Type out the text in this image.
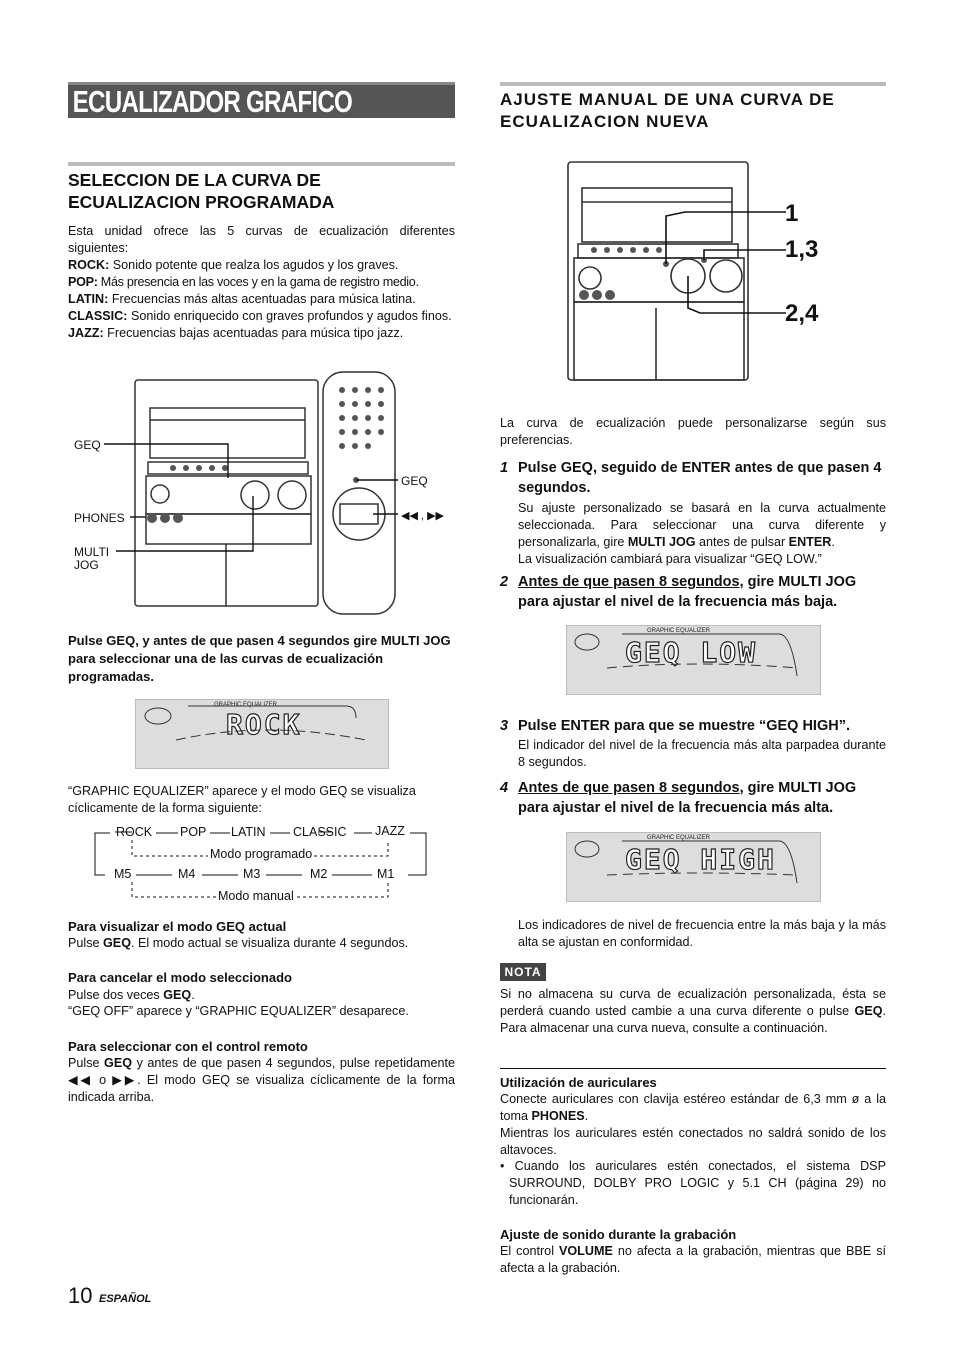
ECUALIZADOR GRAFICO
SELECCION DE LA CURVA DE ECUALIZACION PROGRAMADA
Esta unidad ofrece las 5 curvas de ecualización diferentes siguientes:
ROCK: Sonido potente que realza los agudos y los graves.
POP: Más presencia en las voces y en la gama de registro medio.
LATIN: Frecuencias más altas acentuadas para música latina.
CLASSIC: Sonido enriquecido con graves profundos y agudos finos.
JAZZ: Frecuencias bajas acentuadas para música tipo jazz.
GEQ
PHONES
MULTI
JOG
GEQ
◀◀ , ▶▶
Pulse GEQ, y antes de que pasen 4 segundos gire MULTI JOG para seleccionar una de las curvas de ecualización programadas.
GRAPHIC EQUALIZER
ROCK
“GRAPHIC EQUALIZER” aparece y el modo GEQ se visualiza cíclicamente de la forma siguiente:
ROCK POP LATIN CLASSIC JAZZ
Modo programado
M5	M4	M3	M2	M1
Modo manual
Para visualizar el modo GEQ actual
Pulse GEQ. El modo actual se visualiza durante 4 segundos.
Para cancelar el modo seleccionado
Pulse dos veces GEQ.
“GEQ OFF” aparece y “GRAPHIC EQUALIZER” desaparece.
Para seleccionar con el control remoto
Pulse GEQ y antes de que pasen 4 segundos, pulse repetidamente ◀◀ o ▶▶. El modo GEQ se visualiza cíclicamente de la forma indicada arriba.
AJUSTE MANUAL DE UNA CURVA DE ECUALIZACION NUEVA
1
1,3
2,4
La curva de ecualización puede personalizarse según sus preferencias.
1 Pulse GEQ, seguido de ENTER antes de que pasen 4 segundos.
Su ajuste personalizado se basará en la curva actualmente seleccionada. Para seleccionar una curva diferente y personalizarla, gire MULTI JOG antes de pulsar ENTER.
La visualización cambiará para visualizar “GEQ LOW.”
2 Antes de que pasen 8 segundos, gire MULTI JOG para ajustar el nivel de la frecuencia más baja.
GRAPHIC EQUALIZER
GEQ LOW
3 Pulse ENTER para que se muestre “GEQ HIGH”.
El indicador del nivel de la frecuencia más alta parpadea durante 8 segundos.
4 Antes de que pasen 8 segundos, gire MULTI JOG para ajustar el nivel de la frecuencia más alta.
GRAPHIC EQUALIZER
GEQ HIGH
Los indicadores de nivel de frecuencia entre la más baja y la más alta se ajustan en conformidad.
NOTA
Si no almacena su curva de ecualización personalizada, ésta se perderá cuando usted cambie a una curva diferente o pulse GEQ. Para almacenar una curva nueva, consulte a continuación.
Utilización de auriculares
Conecte auriculares con clavija estéreo estándar de 6,3 mm ø a la toma PHONES.
Mientras los auriculares estén conectados no saldrá sonido de los altavoces.
• Cuando los auriculares estén conectados, el sistema DSP SURROUND, DOLBY PRO LOGIC y 5.1 CH (página 29) no funcionarán.
Ajuste de sonido durante la grabación
El control VOLUME no afecta a la grabación, mientras que BBE sí afecta a la grabación.
10 ESPAÑOL
